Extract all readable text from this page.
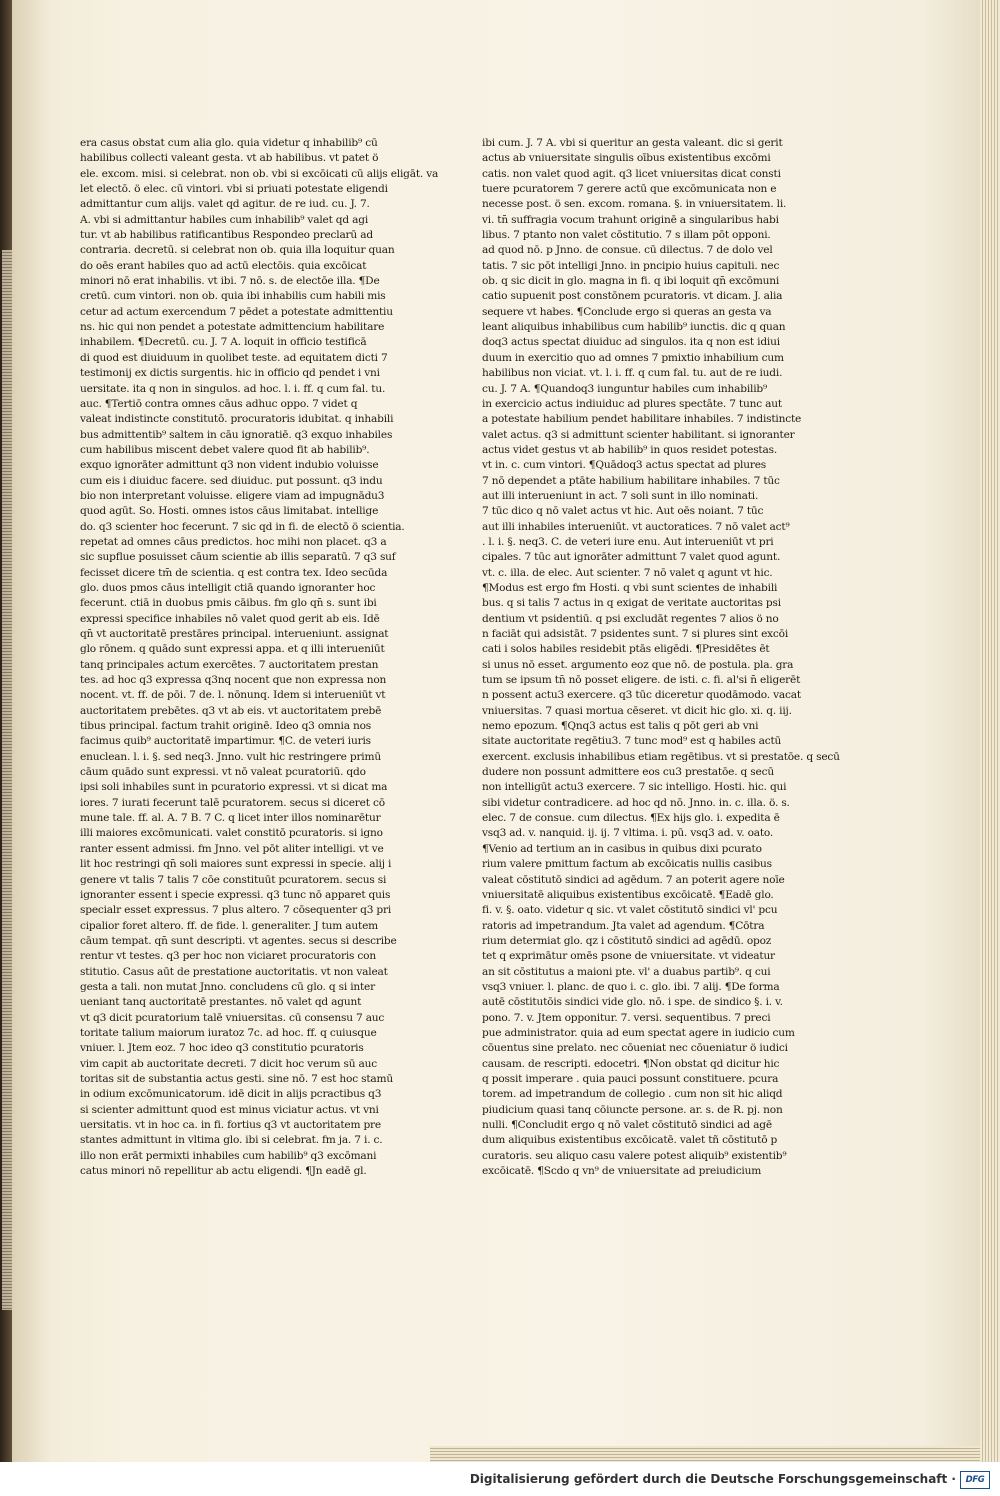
era casus obstat cum alia glo. quia videtur q inhabilib⁹ cū
habilibus collecti valeant gesta. vt ab habilibus. vt patet ö
ele. excom. misi. si celebrat. non ob. vbi si excōicati cū alijs eligāt. va
let electō. ö elec. cū vintori. vbi si priuati potestate eligendi
admittantur cum alijs. valet qd agitur. de re iud. cu. J. 7.
A. vbi si admittantur habiles cum inhabilib⁹ valet qd agi
tur. vt ab habilibus ratificantibus Respondeo preclarū ad
contraria. decretū. si celebrat non ob. quia illa loquitur quan
do oēs erant habiles quo ad actū electōis. quia excōicat
minori nō erat inhabilis. vt ibi. 7 nō. s. de electōe illa. ¶De
cretū. cum vintori. non ob. quia ibi inhabilis cum habili mis
cetur ad actum exercendum 7 pēdet a potestate admittentiu
ns. hic qui non pendet a potestate admittencium habilitare
inhabilem. ¶Decretū. cu. J. 7 A. loquit in officio testificā
di quod est diuiduum in quolibet teste. ad equitatem dicti 7
testimonij ex dictis surgentis. hic in officio qd pendet i vni
uersitate. ita q non in singulos. ad hoc. l. i. ff. q cum fal. tu.
auc. ¶Tertiō contra omnes cāus adhuc oppo. 7 videt q
valeat indistincte constitutō. procuratoris idubitat. q inhabili
bus admittentib⁹ saltem in cāu ignoratiē. q3 exquo inhabiles
cum habilibus miscent debet valere quod fit ab habilib⁹.
exquo ignorāter admittunt q3 non vident indubio voluisse
cum eis i diuiduc facere. sed diuiduc. put possunt. q3 indu
bio non interpretant voluisse. eligere viam ad impugnādu3
quod agūt. So. Hosti. omnes istos cāus limitabat. intellige
do. q3 scienter hoc fecerunt. 7 sic qd in fi. de electō ö scientia.
repetat ad omnes cāus predictos. hoc mihi non placet. q3 a
sic supflue posuisset cāum scientie ab illis separatū. 7 q3 suf
fecisset dicere tm̄ de scientia. q est contra tex. Ideo secūda
glo. duos pmos cāus intelligit ctiā quando ignoranter hoc
fecerunt. ctiā in duobus pmis cāibus. fm glo qn̄ s. sunt ibi
expressi specifice inhabiles nō valet quod gerit ab eis. Idē
qn̄ vt auctoritatē prestāres principal. interueniunt. assignat
glo rōnem. q quādo sunt expressi appa. et q illi interueniūt
tanq principales actum exercētes. 7 auctoritatem prestan
tes. ad hoc q3 expressa q3nq nocent que non expressa non
nocent. vt. ff. de pōi. 7 de. l. nōnunq. Idem si interueniūt vt
auctoritatem prebētes. q3 vt ab eis. vt auctoritatem prebē
tibus principal. factum trahit originē. Ideo q3 omnia nos
facimus quib⁹ auctoritatē impartimur. ¶C. de veteri iuris
enuclean. l. i. §. sed neq3. Jnno. vult hic restringere primū
cāum quādo sunt expressi. vt nō valeat pcuratoriū. qdo
ipsi soli inhabiles sunt in pcuratorio expressi. vt si dicat ma
iores. 7 iurati fecerunt talē pcuratorem. secus si diceret cō
mune tale. ff. al. A. 7 B. 7 C. q licet inter illos nominarētur
illi maiores excōmunicati. valet constitō pcuratoris. si igno
ranter essent admissi. fm Jnno. vel pōt aliter intelligi. vt ve
lit hoc restringi qn̄ soli maiores sunt expressi in specie. alij i
genere vt talis 7 talis 7 cōe constituūt pcuratorem. secus si
ignoranter essent i specie expressi. q3 tunc nō apparet quis
specialr esset expressus. 7 plus altero. 7 cōsequenter q3 pri
cipalior foret altero. ff. de fide. l. generaliter. J tum autem
cāum tempat. qn̄ sunt descripti. vt agentes. secus si describe
rentur vt testes. q3 per hoc non viciaret procuratoris con
stitutio. Casus aūt de prestatione auctoritatis. vt non valeat
gesta a tali. non mutat Jnno. concludens cū glo. q si inter
ueniant tanq auctoritatē prestantes. nō valet qd agunt
vt q3 dicit pcuratorium talē vniuersitas. cū consensu 7 auc
toritate talium maiorum iuratoz 7c. ad hoc. ff. q cuiusque
vniuer. l. Jtem eoz. 7 hoc ideo q3 constitutio pcuratoris
vim capit ab auctoritate decreti. 7 dicit hoc verum sū auc
toritas sit de substantia actus gesti. sine nō. 7 est hoc stamū
in odium excōmunicatorum. idē dicit in alijs pcractibus q3
si scienter admittunt quod est minus viciatur actus. vt vni
uersitatis. vt in hoc ca. in fi. fortius q3 vt auctoritatem pre
stantes admittunt in vltima glo. ibi si celebrat. fm ja. 7 i. c.
illo non erāt permixti inhabiles cum habilib⁹ q3 excōmani
catus minori nō repellitur ab actu eligendi. ¶Jn eadē gl.
ibi cum. J. 7 A. vbi si queritur an gesta valeant. dic si gerit
actus ab vniuersitate singulis oībus existentibus excōmi
catis. non valet quod agit. q3 licet vniuersitas dicat consti
tuere pcuratorem 7 gerere actū que excōmunicata non e
necesse post. ö sen. excom. romana. §. in vniuersitatem. li.
vi. tn̄ suffragia vocum trahunt originē a singularibus habi
libus. 7 ptanto non valet cōstitutio. 7 s illam pōt opponi.
ad quod nō. p Jnno. de consue. cū dilectus. 7 de dolo vel
tatis. 7 sic pōt intelligi Jnno. in pncipio huius capituli. nec
ob. q sic dicit in glo. magna in fi. q ibi loquit qn̄ excōmuni
catio supuenit post constōnem pcuratoris. vt dicam. J. alia
sequere vt habes. ¶Conclude ergo si queras an gesta va
leant aliquibus inhabilibus cum habilib⁹ iunctis. dic q quan
doq3 actus spectat diuiduc ad singulos. ita q non est idiui
duum in exercitio quo ad omnes 7 pmixtio inhabilium cum
habilibus non viciat. vt. l. i. ff. q cum fal. tu. aut de re iudi.
cu. J. 7 A. ¶Quandoq3 iunguntur habiles cum inhabilib⁹
in exercicio actus indiuiduc ad plures spectāte. 7 tunc aut
a potestate habilium pendet habilitare inhabiles. 7 indistincte
valet actus. q3 si admittunt scienter habilitant. si ignoranter
actus videt gestus vt ab habilib⁹ in quos residet potestas.
vt in. c. cum vintori. ¶Quādoq3 actus spectat ad plures
7 nō dependet a ptāte habilium habilitare inhabiles. 7 tūc
aut illi interueniunt in act. 7 soli sunt in illo nominati.
7 tūc dico q nō valet actus vt hic. Aut oēs noiant. 7 tūc
aut illi inhabiles interueniūt. vt auctoratices. 7 nō valet act⁹
. l. i. §. neq3. C. de veteri iure enu. Aut interueniūt vt pri
cipales. 7 tūc aut ignorāter admittunt 7 valet quod agunt.
vt. c. illa. de elec. Aut scienter. 7 nō valet q agunt vt hic.
¶Modus est ergo fm Hosti. q vbi sunt scientes de inhabili
bus. q si talis 7 actus in q exigat de veritate auctoritas psi
dentium vt psidentiū. q psi excludāt regentes 7 alios ö no
n faciāt qui adsistāt. 7 psidentes sunt. 7 si plures sint excōi
cati i solos habiles residebit ptās eligēdi. ¶Presidētes ēt
si unus nō esset. argumento eoz que nō. de postula. pla. gra
tum se ipsum tn̄ nō posset eligere. de isti. c. fi. al'si n̄ eligerēt
n possent actu3 exercere. q3 tūc diceretur quodāmodo. vacat
vniuersitas. 7 quasi mortua cēseret. vt dicit hic glo. xi. q. iij.
nemo epozum. ¶Qnq3 actus est talis q pōt geri ab vni
sitate auctoritate regētiu3. 7 tunc mod⁹ est q habiles actū
exercent. exclusis inhabilibus etiam regētibus. vt si prestatōe. q secū
dudere non possunt admittere eos cu3 prestatōe. q secū
non intelligūt actu3 exercere. 7 sic intelligo. Hosti. hic. qui
sibi videtur contradicere. ad hoc qd nō. Jnno. in. c. illa. ö. s.
elec. 7 de consue. cum dilectus. ¶Ex hijs glo. i. expedita ē
vsq3 ad. v. nanquid. ij. ij. 7 vltima. i. pū. vsq3 ad. v. oato.
¶Venio ad tertium an in casibus in quibus dixi pcurato
rium valere pmittum factum ab excōicatis nullis casibus
valeat cōstitutō sindici ad agēdum. 7 an poterit agere noīe
vniuersitatē aliquibus existentibus excōicatē. ¶Eadē glo.
fi. v. §. oato. videtur q sic. vt valet cōstitutō sindici vl' pcu
ratoris ad impetrandum. Jta valet ad agendum. ¶Cōtra
rium determiat glo. qz i cōstitutō sindici ad agēdū. opoz
tet q exprimātur omēs psone de vniuersitate. vt videatur
an sit cōstitutus a maioni pte. vl' a duabus partib⁹. q cui
vsq3 vniuer. l. planc. de quo i. c. glo. ibi. 7 alij. ¶De forma
autē cōstitutōis sindici vide glo. nō. i spe. de sindico §. i. v.
pono. 7. v. Jtem opponitur. 7. versi. sequentibus. 7 preci
pue administrator. quia ad eum spectat agere in iudicio cum
cōuentus sine prelato. nec cōueniat nec cōueniatur ö iudici
causam. de rescripti. edocetri. ¶Non obstat qd dicitur hic
q possit imperare . quia pauci possunt constituere. pcura
torem. ad impetrandum de collegio . cum non sit hic aliqd
piudicium quasi tanq cōiuncte persone. ar. s. de R. pj. non
nulli. ¶Concludit ergo q nō valet cōstitutō sindici ad agē
dum aliquibus existentibus excōicatē. valet tñ cōstitutō p
curatoris. seu aliquo casu valere potest aliquib⁹ existentib⁹
excōicatē. ¶Scdo q vn⁹ de vniuersitate ad preiudicium
Digitalisierung gefördert durch die Deutsche Forschungsgemeinschaft ·	DFG
